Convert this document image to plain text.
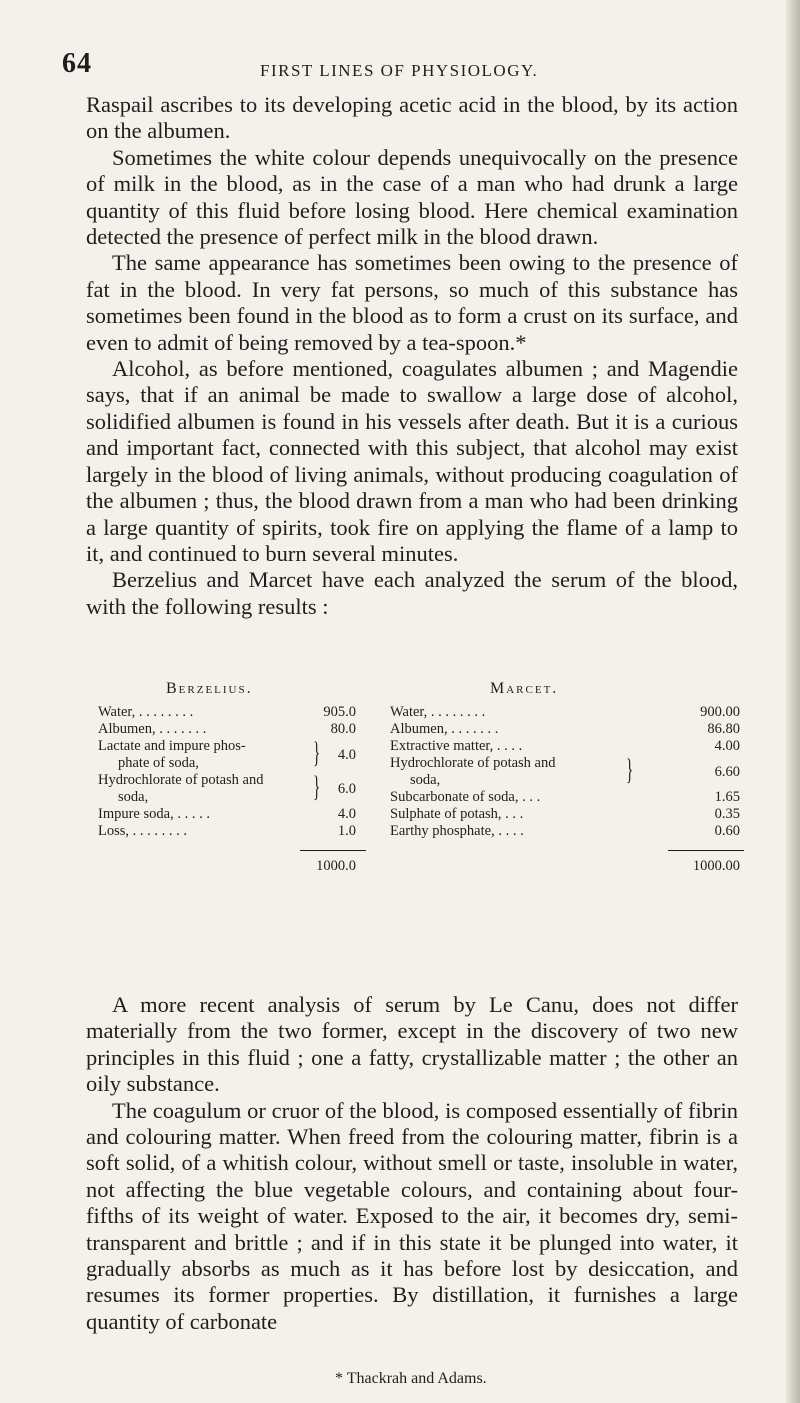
64	FIRST LINES OF PHYSIOLOGY.

Raspail ascribes to its developing acetic acid in the blood, by its action on the albumen.

Sometimes the white colour depends unequivocally on the presence of milk in the blood, as in the case of a man who had drunk a large quantity of this fluid before losing blood. Here chemical examination detected the presence of perfect milk in the blood drawn.

The same appearance has sometimes been owing to the presence of fat in the blood. In very fat persons, so much of this substance has sometimes been found in the blood as to form a crust on its surface, and even to admit of being removed by a tea-spoon.*

Alcohol, as before mentioned, coagulates albumen ; and Magendie says, that if an animal be made to swallow a large dose of alcohol, solidified albumen is found in his vessels after death. But it is a curious and important fact, connected with this subject, that alcohol may exist largely in the blood of living animals, without producing coagulation of the albumen ; thus, the blood drawn from a man who had been drinking a large quantity of spirits, took fire on applying the flame of a lamp to it, and continued to burn several minutes.

Berzelius and Marcet have each analyzed the serum of the blood, with the following results :

Berzelius.
Water, . . . . . . . .	905.0
Albumen, . . . . . . .	80.0
Lactate and impure phos-
phate of soda,	}	4.0
Hydrochlorate of potash and
soda,	}	6.0
Impure soda, . . . . .	4.0
Loss, . . . . . . . .	1.0
1000.0
Marcet.
Water, . . . . . . . .	900.00
Albumen, . . . . . . .	86.80
Extractive matter, . . . .	4.00
Hydrochlorate of potash and
soda,	}	6.60
Subcarbonate of soda, . . .	1.65
Sulphate of potash, . . .	0.35
Earthy phosphate, . . . .	0.60
1000.00

A more recent analysis of serum by Le Canu, does not differ materially from the two former, except in the discovery of two new principles in this fluid ; one a fatty, crystallizable matter ; the other an oily substance.

The coagulum or cruor of the blood, is composed essentially of fibrin and colouring matter. When freed from the colouring matter, fibrin is a soft solid, of a whitish colour, without smell or taste, insoluble in water, not affecting the blue vegetable colours, and containing about four-fifths of its weight of water. Exposed to the air, it becomes dry, semi-transparent and brittle ; and if in this state it be plunged into water, it gradually absorbs as much as it has before lost by desiccation, and resumes its former properties. By distillation, it furnishes a large quantity of carbonate

* Thackrah and Adams.
